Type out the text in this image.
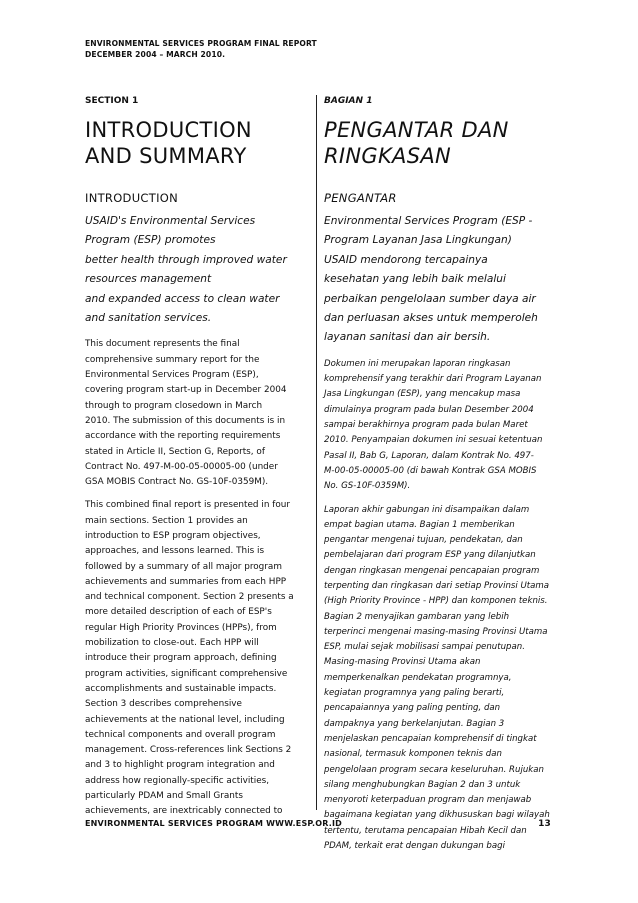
ENVIRONMENTAL SERVICES PROGRAM FINAL REPORT
DECEMBER 2004 – MARCH 2010.
SECTION 1
INTRODUCTION
AND SUMMARY
INTRODUCTION
USAID's Environmental Services
Program (ESP) promotes
better health through improved water
resources management
and expanded access to clean water
and sanitation services.
This document represents the final
comprehensive summary report for the
Environmental Services Program (ESP),
covering program start-up in December 2004
through to program closedown in March
2010. The submission of this documents is in
accordance with the reporting requirements
stated in Article II, Section G, Reports, of
Contract No. 497-M-00-05-00005-00 (under
GSA MOBIS Contract No. GS-10F-0359M).
This combined final report is presented in four
main sections. Section 1 provides an
introduction to ESP program objectives,
approaches, and lessons learned. This is
followed by a summary of all major program
achievements and summaries from each HPP
and technical component. Section 2 presents a
more detailed description of each of ESP's
regular High Priority Provinces (HPPs), from
mobilization to close-out. Each HPP will
introduce their program approach, defining
program activities, significant comprehensive
accomplishments and sustainable impacts.
Section 3 describes comprehensive
achievements at the national level, including
technical components and overall program
management. Cross-references link Sections 2
and 3 to highlight program integration and
address how regionally-specific activities,
particularly PDAM and Small Grants
achievements, are inextricably connected to
BAGIAN 1
PENGANTAR DAN
RINGKASAN
PENGANTAR
Environmental Services Program (ESP -
Program Layanan Jasa Lingkungan)
USAID mendorong tercapainya
kesehatan yang lebih baik melalui
perbaikan pengelolaan sumber daya air
dan perluasan akses untuk memperoleh
layanan sanitasi dan air bersih.
Dokumen ini merupakan laporan ringkasan
komprehensif yang terakhir dari Program Layanan
Jasa Lingkungan (ESP), yang mencakup masa
dimulainya program pada bulan Desember 2004
sampai berakhirnya program pada bulan Maret
2010. Penyampaian dokumen ini sesuai ketentuan
Pasal II, Bab G, Laporan, dalam Kontrak No. 497-
M-00-05-00005-00 (di bawah Kontrak GSA MOBIS
No. GS-10F-0359M).
Laporan akhir gabungan ini disampaikan dalam
empat bagian utama. Bagian 1 memberikan
pengantar mengenai tujuan, pendekatan, dan
pembelajaran dari program ESP yang dilanjutkan
dengan ringkasan mengenai pencapaian program
terpenting dan ringkasan dari setiap Provinsi Utama
(High Priority Province - HPP) dan komponen teknis.
Bagian 2 menyajikan gambaran yang lebih
terperinci mengenai masing-masing Provinsi Utama
ESP, mulai sejak mobilisasi sampai penutupan.
Masing-masing Provinsi Utama akan
memperkenalkan pendekatan programnya,
kegiatan programnya yang paling berarti,
pencapaiannya yang paling penting, dan
dampaknya yang berkelanjutan. Bagian 3
menjelaskan pencapaian komprehensif di tingkat
nasional, termasuk komponen teknis dan
pengelolaan program secara keseluruhan. Rujukan
silang menghubungkan Bagian 2 dan 3 untuk
menyoroti keterpaduan program dan menjawab
bagaimana kegiatan yang dikhususkan bagi wilayah
tertentu, terutama pencapaian Hibah Kecil dan
PDAM, terkait erat dengan dukungan bagi
ENVIRONMENTAL SERVICES PROGRAM WWW.ESP.OR.ID	13
